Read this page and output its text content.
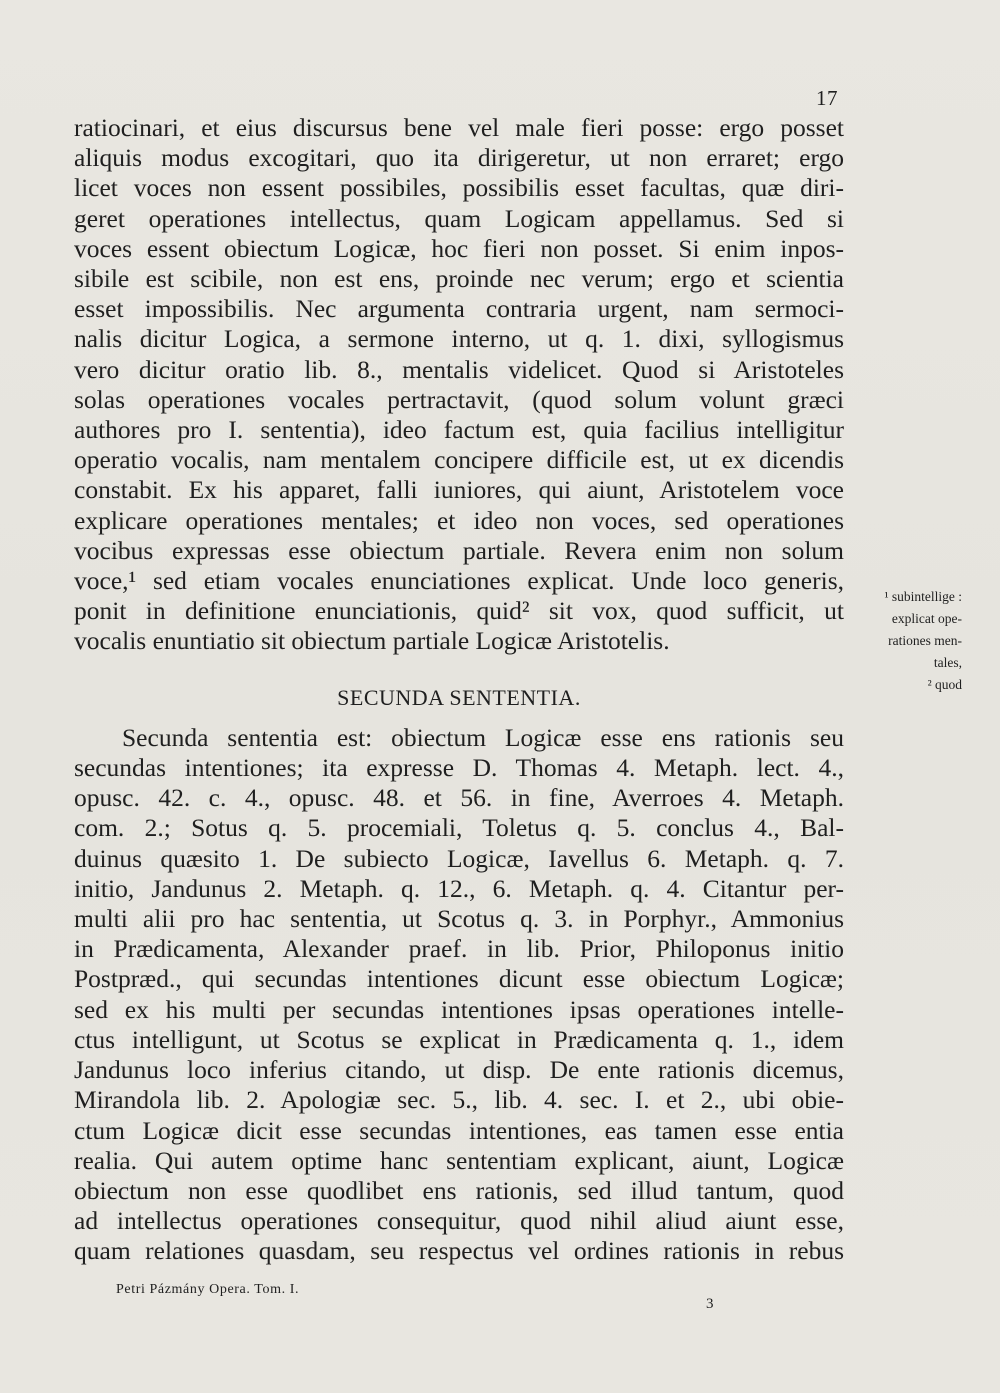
17
ratiocinari, et eius discursus bene vel male fieri posse: ergo posset
aliquis modus excogitari, quo ita dirigeretur, ut non erraret; ergo
licet voces non essent possibiles, possibilis esset facultas, quæ diri-
geret operationes intellectus, quam Logicam appellamus. Sed si
voces essent obiectum Logicæ, hoc fieri non posset. Si enim inpos-
sibile est scibile, non est ens, proinde nec verum; ergo et scientia
esset impossibilis. Nec argumenta contraria urgent, nam sermoci-
nalis dicitur Logica, a sermone interno, ut q. 1. dixi, syllogismus
vero dicitur oratio lib. 8., mentalis videlicet. Quod si Aristoteles
solas operationes vocales pertractavit, (quod solum volunt græci
authores pro I. sententia), ideo factum est, quia facilius intelligitur
operatio vocalis, nam mentalem concipere difficile est, ut ex dicendis
constabit. Ex his apparet, falli iuniores, qui aiunt, Aristotelem voce
explicare operationes mentales; et ideo non voces, sed operationes
vocibus expressas esse obiectum partiale. Revera enim non solum
voce,¹ sed etiam vocales enunciationes explicat. Unde loco generis,
ponit in definitione enunciationis, quid² sit vox, quod sufficit, ut
vocalis enuntiatio sit obiectum partiale Logicæ Aristotelis.
SECUNDA SENTENTIA.
Secunda sententia est: obiectum Logicæ esse ens rationis seu
secundas intentiones; ita expresse D. Thomas 4. Metaph. lect. 4.,
opusc. 42. c. 4., opusc. 48. et 56. in fine, Averroes 4. Metaph.
com. 2.; Sotus q. 5. procemiali, Toletus q. 5. conclus 4., Bal-
duinus quæsito 1. De subiecto Logicæ, Iavellus 6. Metaph. q. 7.
initio, Jandunus 2. Metaph. q. 12., 6. Metaph. q. 4. Citantur per-
multi alii pro hac sententia, ut Scotus q. 3. in Porphyr., Ammonius
in Prædicamenta, Alexander praef. in lib. Prior, Philoponus initio
Postpræd., qui secundas intentiones dicunt esse obiectum Logicæ;
sed ex his multi per secundas intentiones ipsas operationes intelle-
ctus intelligunt, ut Scotus se explicat in Prædicamenta q. 1., idem
Jandunus loco inferius citando, ut disp. De ente rationis dicemus,
Mirandola lib. 2. Apologiæ sec. 5., lib. 4. sec. I. et 2., ubi obie-
ctum Logicæ dicit esse secundas intentiones, eas tamen esse entia
realia. Qui autem optime hanc sententiam explicant, aiunt, Logicæ
obiectum non esse quodlibet ens rationis, sed illud tantum, quod
ad intellectus operationes consequitur, quod nihil aliud aiunt esse,
quam relationes quasdam, seu respectus vel ordines rationis in rebus
¹ subintellige :
explicat ope-
rationes men-
tales,
² quod
Petri Pázmány Opera. Tom. I.
3
